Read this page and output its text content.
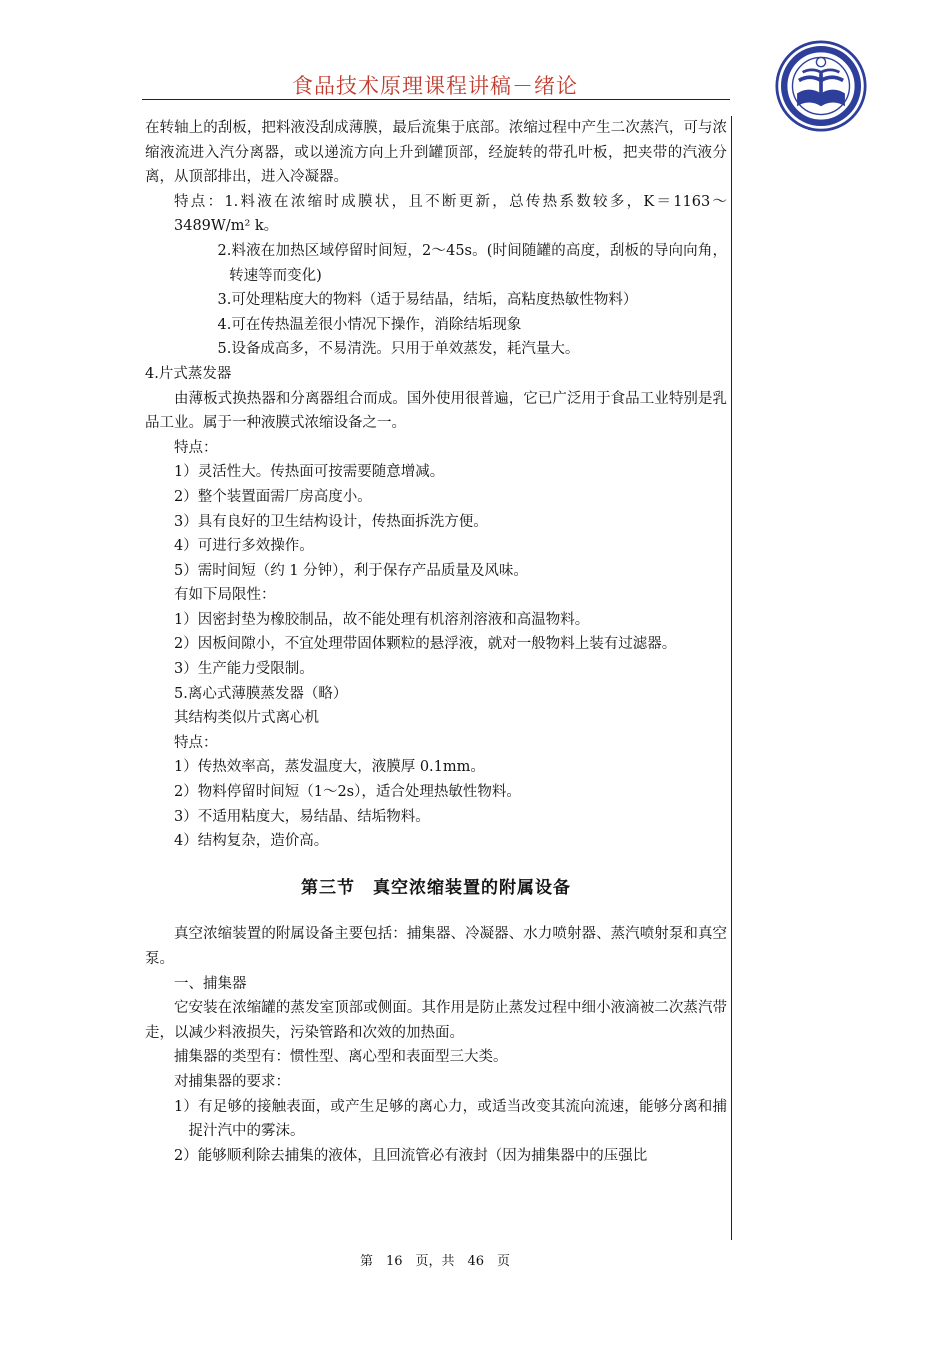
食品技术原理课程讲稿－绪论

在转轴上的刮板，把料液没刮成薄膜，最后流集于底部。浓缩过程中产生二次蒸汽，可与浓缩液流进入汽分离器，或以递流方向上升到罐顶部，经旋转的带孔叶板，把夹带的汽液分离，从顶部排出，进入冷凝器。

特点：1.料液在浓缩时成膜状，且不断更新，总传热系数较多，K＝1163～3489W/m² k。

2.料液在加热区域停留时间短，2～45s。(时间随罐的高度，刮板的导向向角，转速等而变化)

3.可处理粘度大的物料（适于易结晶，结垢，高粘度热敏性物料）

4.可在传热温差很小情况下操作，消除结垢现象

5.设备成高多，不易清洗。只用于单效蒸发，耗汽量大。

4.片式蒸发器

由薄板式换热器和分离器组合而成。国外使用很普遍，它已广泛用于食品工业特别是乳品工业。属于一种液膜式浓缩设备之一。

特点：

1）灵活性大。传热面可按需要随意增减。

2）整个装置面需厂房高度小。

3）具有良好的卫生结构设计，传热面拆洗方便。

4）可进行多效操作。

5）需时间短（约 1 分钟），利于保存产品质量及风味。

有如下局限性：

1）因密封垫为橡胶制品，故不能处理有机溶剂溶液和高温物料。

2）因板间隙小，不宜处理带固体颗粒的悬浮液，就对一般物料上装有过滤器。

3）生产能力受限制。

5.离心式薄膜蒸发器（略）

其结构类似片式离心机

特点：

1）传热效率高，蒸发温度大，液膜厚 0.1mm。

2）物料停留时间短（1～2s），适合处理热敏性物料。

3）不适用粘度大，易结晶、结垢物料。

4）结构复杂，造价高。

第三节　真空浓缩装置的附属设备

真空浓缩装置的附属设备主要包括：捕集器、冷凝器、水力喷射器、蒸汽喷射泵和真空泵。

一、捕集器

它安装在浓缩罐的蒸发室顶部或侧面。其作用是防止蒸发过程中细小液滴被二次蒸汽带走，以减少料液损失，污染管路和次效的加热面。

捕集器的类型有：惯性型、离心型和表面型三大类。

对捕集器的要求：

1）有足够的接触表面，或产生足够的离心力，或适当改变其流向流速，能够分离和捕捉汁汽中的雾沫。

2）能够顺利除去捕集的液体，且回流管必有液封（因为捕集器中的压强比

第　16　页，共　46　页
